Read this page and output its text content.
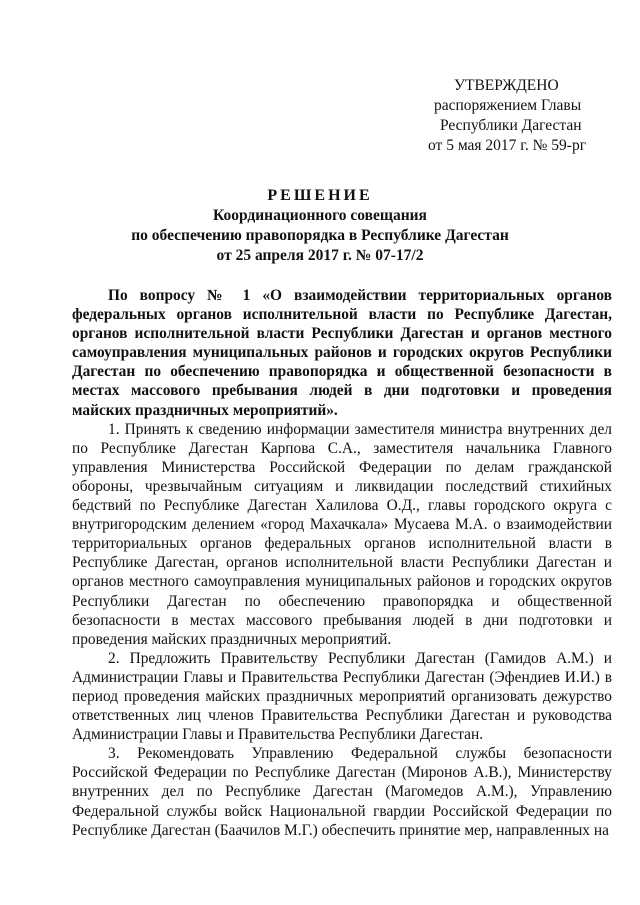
УТВЕРЖДЕНО
распоряжением Главы
Республики Дагестан
от 5 мая 2017 г. № 59-рг
РЕШЕНИЕ
Координационного совещания
по обеспечению правопорядка в Республике Дагестан
от 25 апреля 2017 г. № 07-17/2

По вопросу № 1 «О взаимодействии территориальных органов федеральных органов исполнительной власти по Республике Дагестан, органов исполнительной власти Республики Дагестан и органов местного самоуправления муниципальных районов и городских округов Республики Дагестан по обеспечению правопорядка и общественной безопасности в местах массового пребывания людей в дни подготовки и проведения майских праздничных мероприятий».

1. Принять к сведению информации заместителя министра внутренних дел по Республике Дагестан Карпова С.А., заместителя начальника Главного управления Министерства Российской Федерации по делам гражданской обороны, чрезвычайным ситуациям и ликвидации последствий стихийных бедствий по Республике Дагестан Халилова О.Д., главы городского округа с внутригородским делением «город Махачкала» Мусаева М.А. о взаимодействии территориальных органов федеральных органов исполнительной власти в Республике Дагестан, органов исполнительной власти Республики Дагестан и органов местного самоуправления муниципальных районов и городских округов Республики Дагестан по обеспечению правопорядка и общественной безопасности в местах массового пребывания людей в дни подготовки и проведения майских праздничных мероприятий.

2. Предложить Правительству Республики Дагестан (Гамидов А.М.) и Администрации Главы и Правительства Республики Дагестан (Эфендиев И.И.) в период проведения майских праздничных мероприятий организовать дежурство ответственных лиц членов Правительства Республики Дагестан и руководства Администрации Главы и Правительства Республики Дагестан.

3. Рекомендовать Управлению Федеральной службы безопасности Российской Федерации по Республике Дагестан (Миронов А.В.), Министерству внутренних дел по Республике Дагестан (Магомедов А.М.), Управлению Федеральной службы войск Национальной гвардии Российской Федерации по Республике Дагестан (Баачилов М.Г.) обеспечить принятие мер, направленных на
